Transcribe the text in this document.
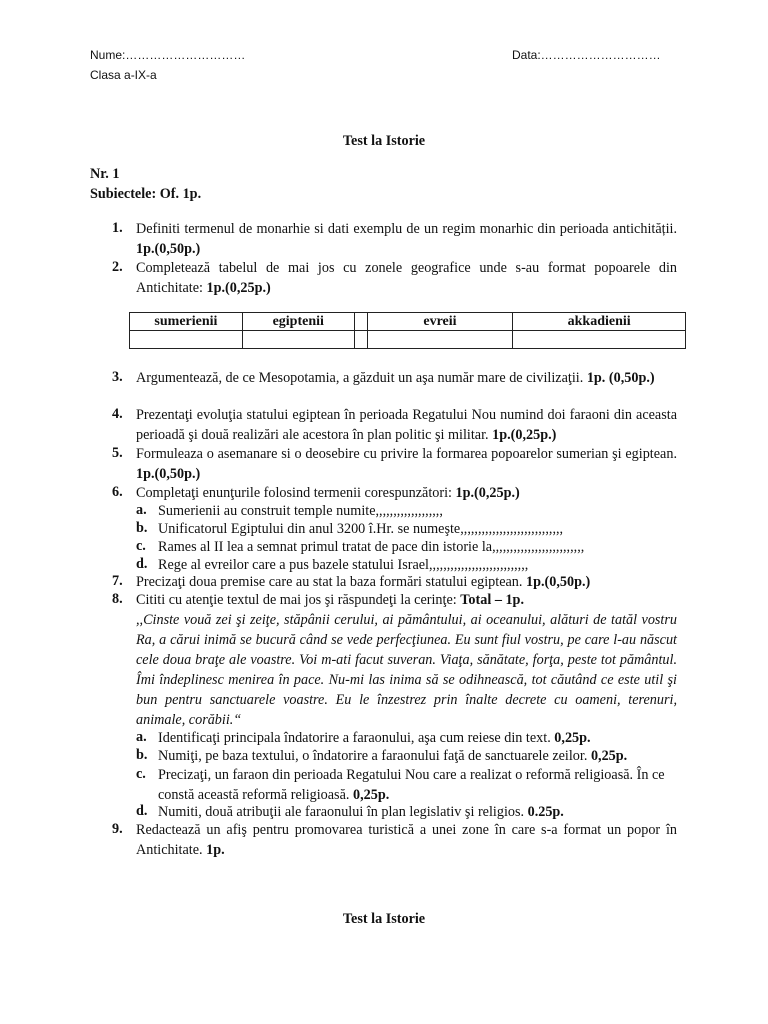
Nume:…………………………	Data:…………………………
Clasa a-IX-a
Test la Istorie
Nr. 1
Subiectele: Of. 1p.
1. Definiti termenul de monarhie si dati exemplu de un regim monarhic din perioada antichității. 1p.(0,50p.)
2. Completează tabelul de mai jos cu zonele geografice unde s-au format popoarele din Antichitate: 1p.(0,25p.)
sumerienii	egiptenii		evreii	akkadienii

3. Argumentează, de ce Mesopotamia, a găzduit un aşa număr mare de civilizaţii. 1p. (0,50p.)
4. Prezentaţi evoluţia statului egiptean în perioada Regatului Nou numind doi faraoni din aceasta perioadă şi două realizări ale acestora în plan politic şi militar. 1p.(0,25p.)
5. Formuleaza o asemanare si o deosebire cu privire la formarea popoarelor sumerian şi egiptean. 1p.(0,50p.)
6. Completaţi enunţurile folosind termenii corespunzători: 1p.(0,25p.)
a. Sumerienii au construit temple numite,,,,,,,,,,,,,,,,,,,
b. Unificatorul Egiptului din anul 3200 î.Hr. se numeşte,,,,,,,,,,,,,,,,,,,,,,,,,,,,,
c. Rames al II lea a semnat primul tratat de pace din istorie la,,,,,,,,,,,,,,,,,,,,,,,,,,
d. Rege al evreilor care a pus bazele statului Israel,,,,,,,,,,,,,,,,,,,,,,,,,,,,
7. Precizaţi doua premise care au stat la baza formări statului egiptean. 1p.(0,50p.)
8. Cititi cu atenţie textul de mai jos şi răspundeţi la cerinţe: Total – 1p.
,,Cinste vouă zei şi zeiţe, stăpânii cerului, ai pământului, ai oceanului, alături de tatăl vostru Ra, a cărui inimă se bucură când se vede perfecţiunea. Eu sunt fiul vostru, pe care l-au născut cele doua braţe ale voastre. Voi m-ati facut suveran. Viaţa, sănătate, forţa, peste tot pământul. Îmi îndeplinesc menirea în pace. Nu-mi las inima să se odihnească, tot căutând ce este util şi bun pentru sanctuarele voastre. Eu le înzestrez prin înalte decrete cu oameni, terenuri, animale, corăbii.“
a. Identificaţi principala îndatorire a faraonului, aşa cum reiese din text. 0,25p.
b. Numiţi, pe baza textului, o îndatorire a faraonului faţă de sanctuarele zeilor. 0,25p.
c. Precizaţi, un faraon din perioada Regatului Nou care a realizat o reformă religioasă. În ce constă această reformă religioasă. 0,25p.
d. Numiti, două atribuţii ale faraonului în plan legislativ şi religios. 0.25p.
9. Redactează un afiş pentru promovarea turistică a unei zone în care s-a format un popor în Antichitate. 1p.
Test la Istorie
